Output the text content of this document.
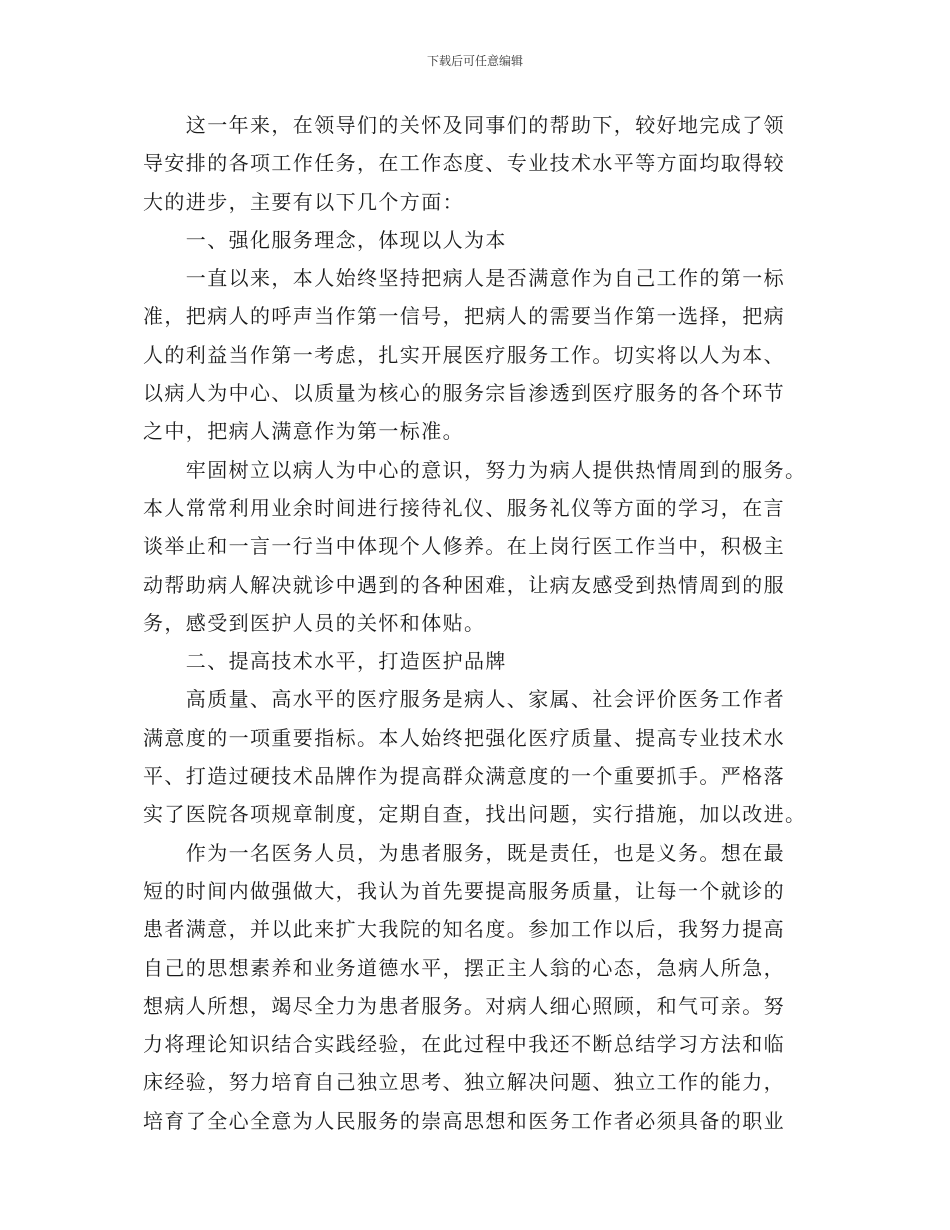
下载后可任意编辑
　　这一年来，在领导们的关怀及同事们的帮助下，较好地完成了领
导安排的各项工作任务，在工作态度、专业技术水平等方面均取得较
大的进步，主要有以下几个方面：
　　一、强化服务理念，体现以人为本
　　一直以来，本人始终坚持把病人是否满意作为自己工作的第一标
准，把病人的呼声当作第一信号，把病人的需要当作第一选择，把病
人的利益当作第一考虑，扎实开展医疗服务工作。切实将以人为本、
以病人为中心、以质量为核心的服务宗旨渗透到医疗服务的各个环节
之中，把病人满意作为第一标准。
　　牢固树立以病人为中心的意识，努力为病人提供热情周到的服务。
本人常常利用业余时间进行接待礼仪、服务礼仪等方面的学习，在言
谈举止和一言一行当中体现个人修养。在上岗行医工作当中，积极主
动帮助病人解决就诊中遇到的各种困难，让病友感受到热情周到的服
务，感受到医护人员的关怀和体贴。
　　二、提高技术水平，打造医护品牌
　　高质量、高水平的医疗服务是病人、家属、社会评价医务工作者
满意度的一项重要指标。本人始终把强化医疗质量、提高专业技术水
平、打造过硬技术品牌作为提高群众满意度的一个重要抓手。严格落
实了医院各项规章制度，定期自查，找出问题，实行措施，加以改进。
　　作为一名医务人员，为患者服务，既是责任，也是义务。想在最
短的时间内做强做大，我认为首先要提高服务质量，让每一个就诊的
患者满意，并以此来扩大我院的知名度。参加工作以后，我努力提高
自己的思想素养和业务道德水平，摆正主人翁的心态，急病人所急，
想病人所想，竭尽全力为患者服务。对病人细心照顾，和气可亲。努
力将理论知识结合实践经验，在此过程中我还不断总结学习方法和临
床经验，努力培育自己独立思考、独立解决问题、独立工作的能力，
培育了全心全意为人民服务的崇高思想和医务工作者必须具备的职业
